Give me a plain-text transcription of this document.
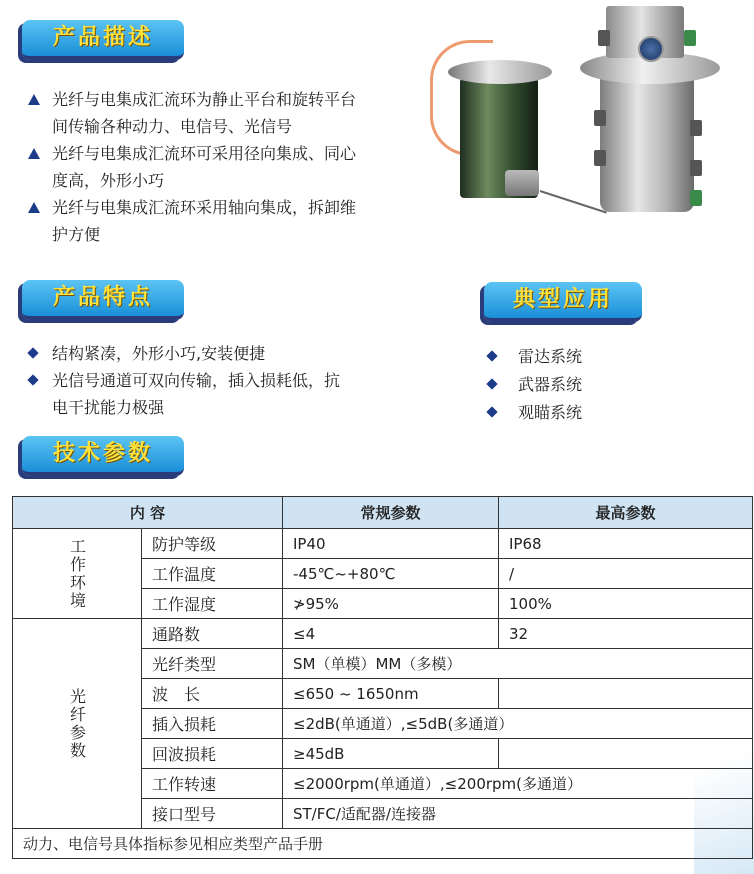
产品描述
产品特点	典型应用
技术参数
光纤与电集成汇流环为静止平台和旋转平台
间传输各种动力、电信号、光信号
光纤与电集成汇流环可采用径向集成、同心
度高，外形小巧
光纤与电集成汇流环采用轴向集成，拆卸维
护方便
结构紧凑，外形小巧,安装便捷
光信号通道可双向传输，插入损耗低，抗
电干扰能力极强
雷达系统

武器系统

观瞄系统

内 容		常规参数	最高参数
工作环境	防护等级	IP40	IP68
	工作温度	-45℃~+80℃	/
	工作湿度	≯95%	100%
光纤参数	通路数	≤4	32
	光纤类型	SM（单模）MM（多模）	
	波　长	≤650 ~ 1650nm	
	插入损耗	≤2dB(单通道）,≤5dB(多通道）	
	回波损耗	≥45dB	
	工作转速	≤2000rpm(单通道）,≤200rpm(多通道）	
	接口型号	ST/FC/适配器/连接器	
动力、电信号具体指标参见相应类型产品手册			
